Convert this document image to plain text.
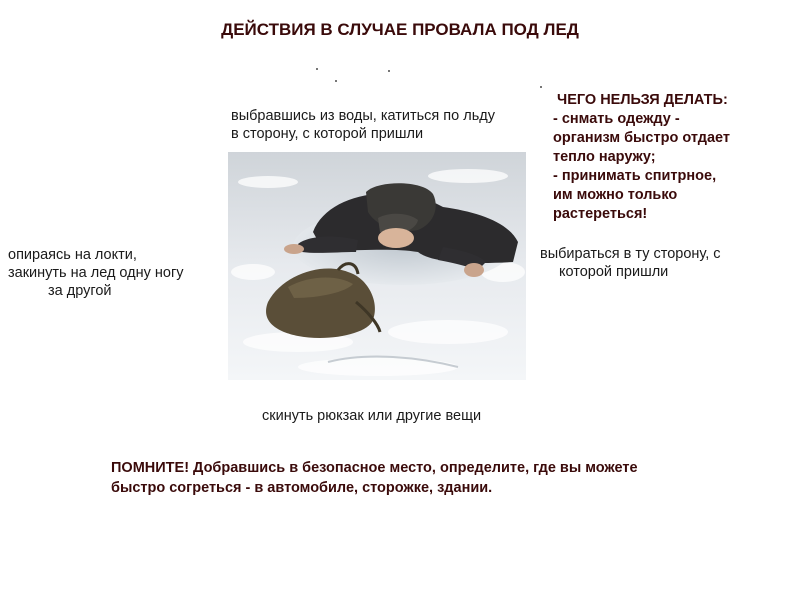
ДЕЙСТВИЯ В СЛУЧАЕ ПРОВАЛА ПОД ЛЕД
выбравшись из воды, катиться по льду
в сторону, с которой пришли
опираясь на локти,
закинуть на лед одну ногу
за другой
выбираться в ту сторону, с
которой пришли
ЧЕГО НЕЛЬЗЯ ДЕЛАТЬ:
- снмать одежду -
организм быстро отдает
тепло наружу;
- принимать спитрное,
им можно только
растереться!
скинуть рюкзак или другие вещи
ПОМНИТЕ! Добравшись в безопасное место, определите, где вы можете
быстро согреться - в автомобиле, сторожке, здании.
